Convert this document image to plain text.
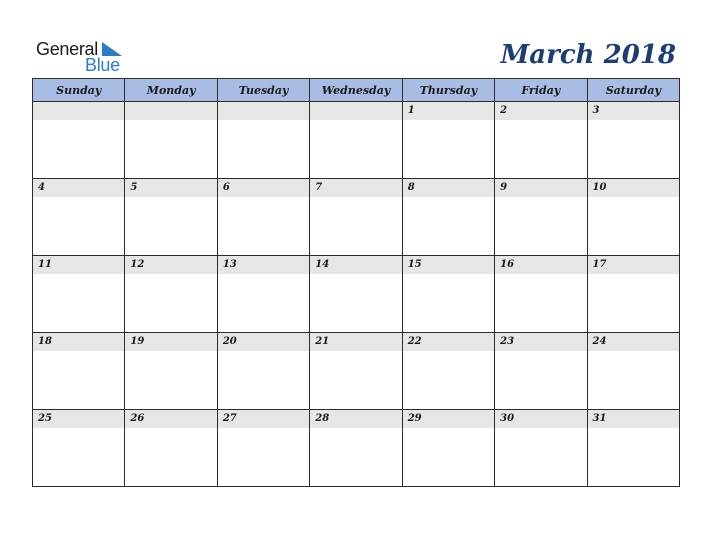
General
Blue	March 2018
Sunday	Monday	Tuesday	Wednesday	Thursday	Friday	Saturday

				1	2	3

4	5	6	7	8	9	10

11	12	13	14	15	16	17

18	19	20	21	22	23	24

25	26	27	28	29	30	31
